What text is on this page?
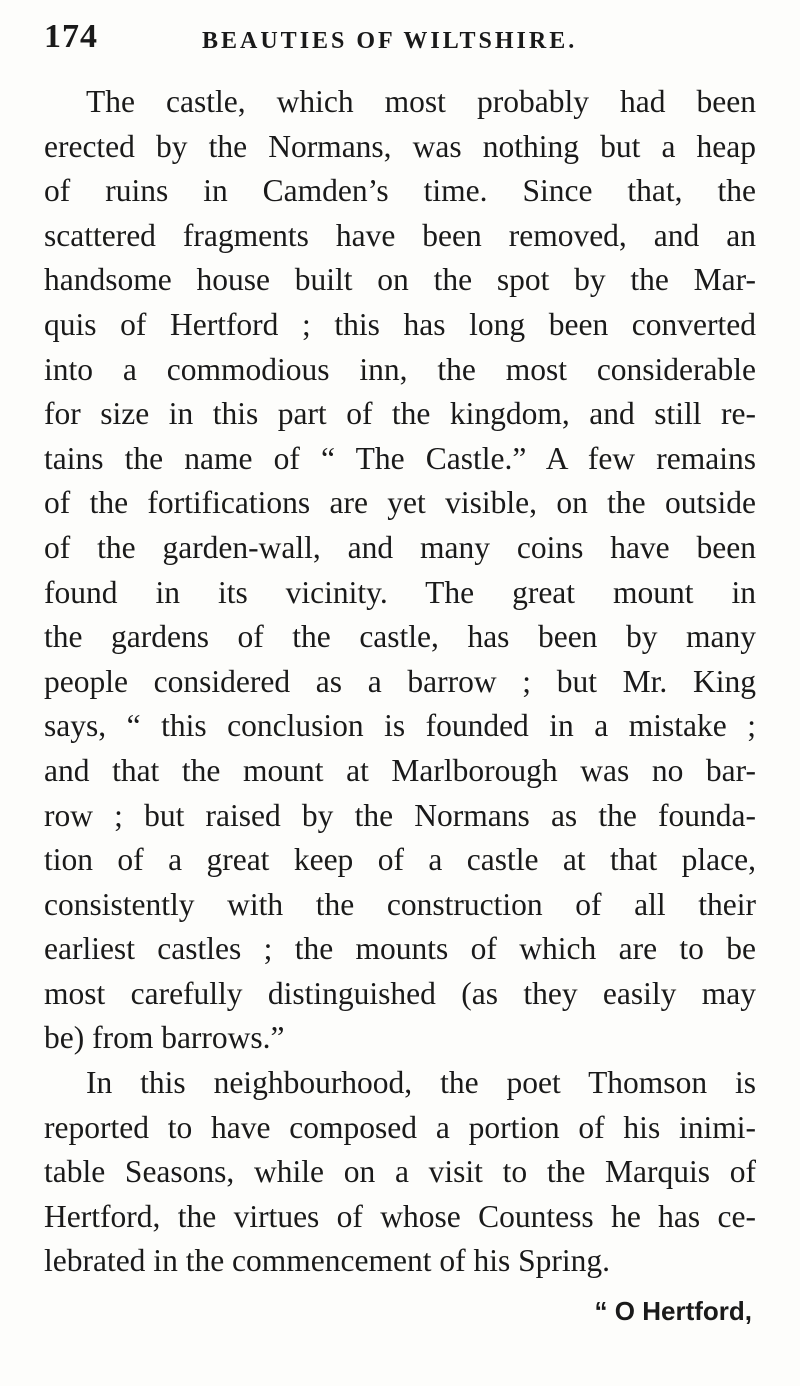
174	BEAUTIES OF WILTSHIRE.
The castle, which most probably had been
erected by the Normans, was nothing but a heap
of ruins in Camden’s time. Since that, the
scattered fragments have been removed, and an
handsome house built on the spot by the Mar-
quis of Hertford ; this has long been converted
into a commodious inn, the most considerable
for size in this part of the kingdom, and still re-
tains the name of “ The Castle.” A few remains
of the fortifications are yet visible, on the outside
of the garden-wall, and many coins have been
found in its vicinity. The great mount in
the gardens of the castle, has been by many
people considered as a barrow ; but Mr. King
says, “ this conclusion is founded in a mistake ;
and that the mount at Marlborough was no bar-
row ; but raised by the Normans as the founda-
tion of a great keep of a castle at that place,
consistently with the construction of all their
earliest castles ; the mounts of which are to be
most carefully distinguished (as they easily may
be) from barrows.”
In this neighbourhood, the poet Thomson is
reported to have composed a portion of his inimi-
table Seasons, while on a visit to the Marquis of
Hertford, the virtues of whose Countess he has ce-
lebrated in the commencement of his Spring.
“ O Hertford,
